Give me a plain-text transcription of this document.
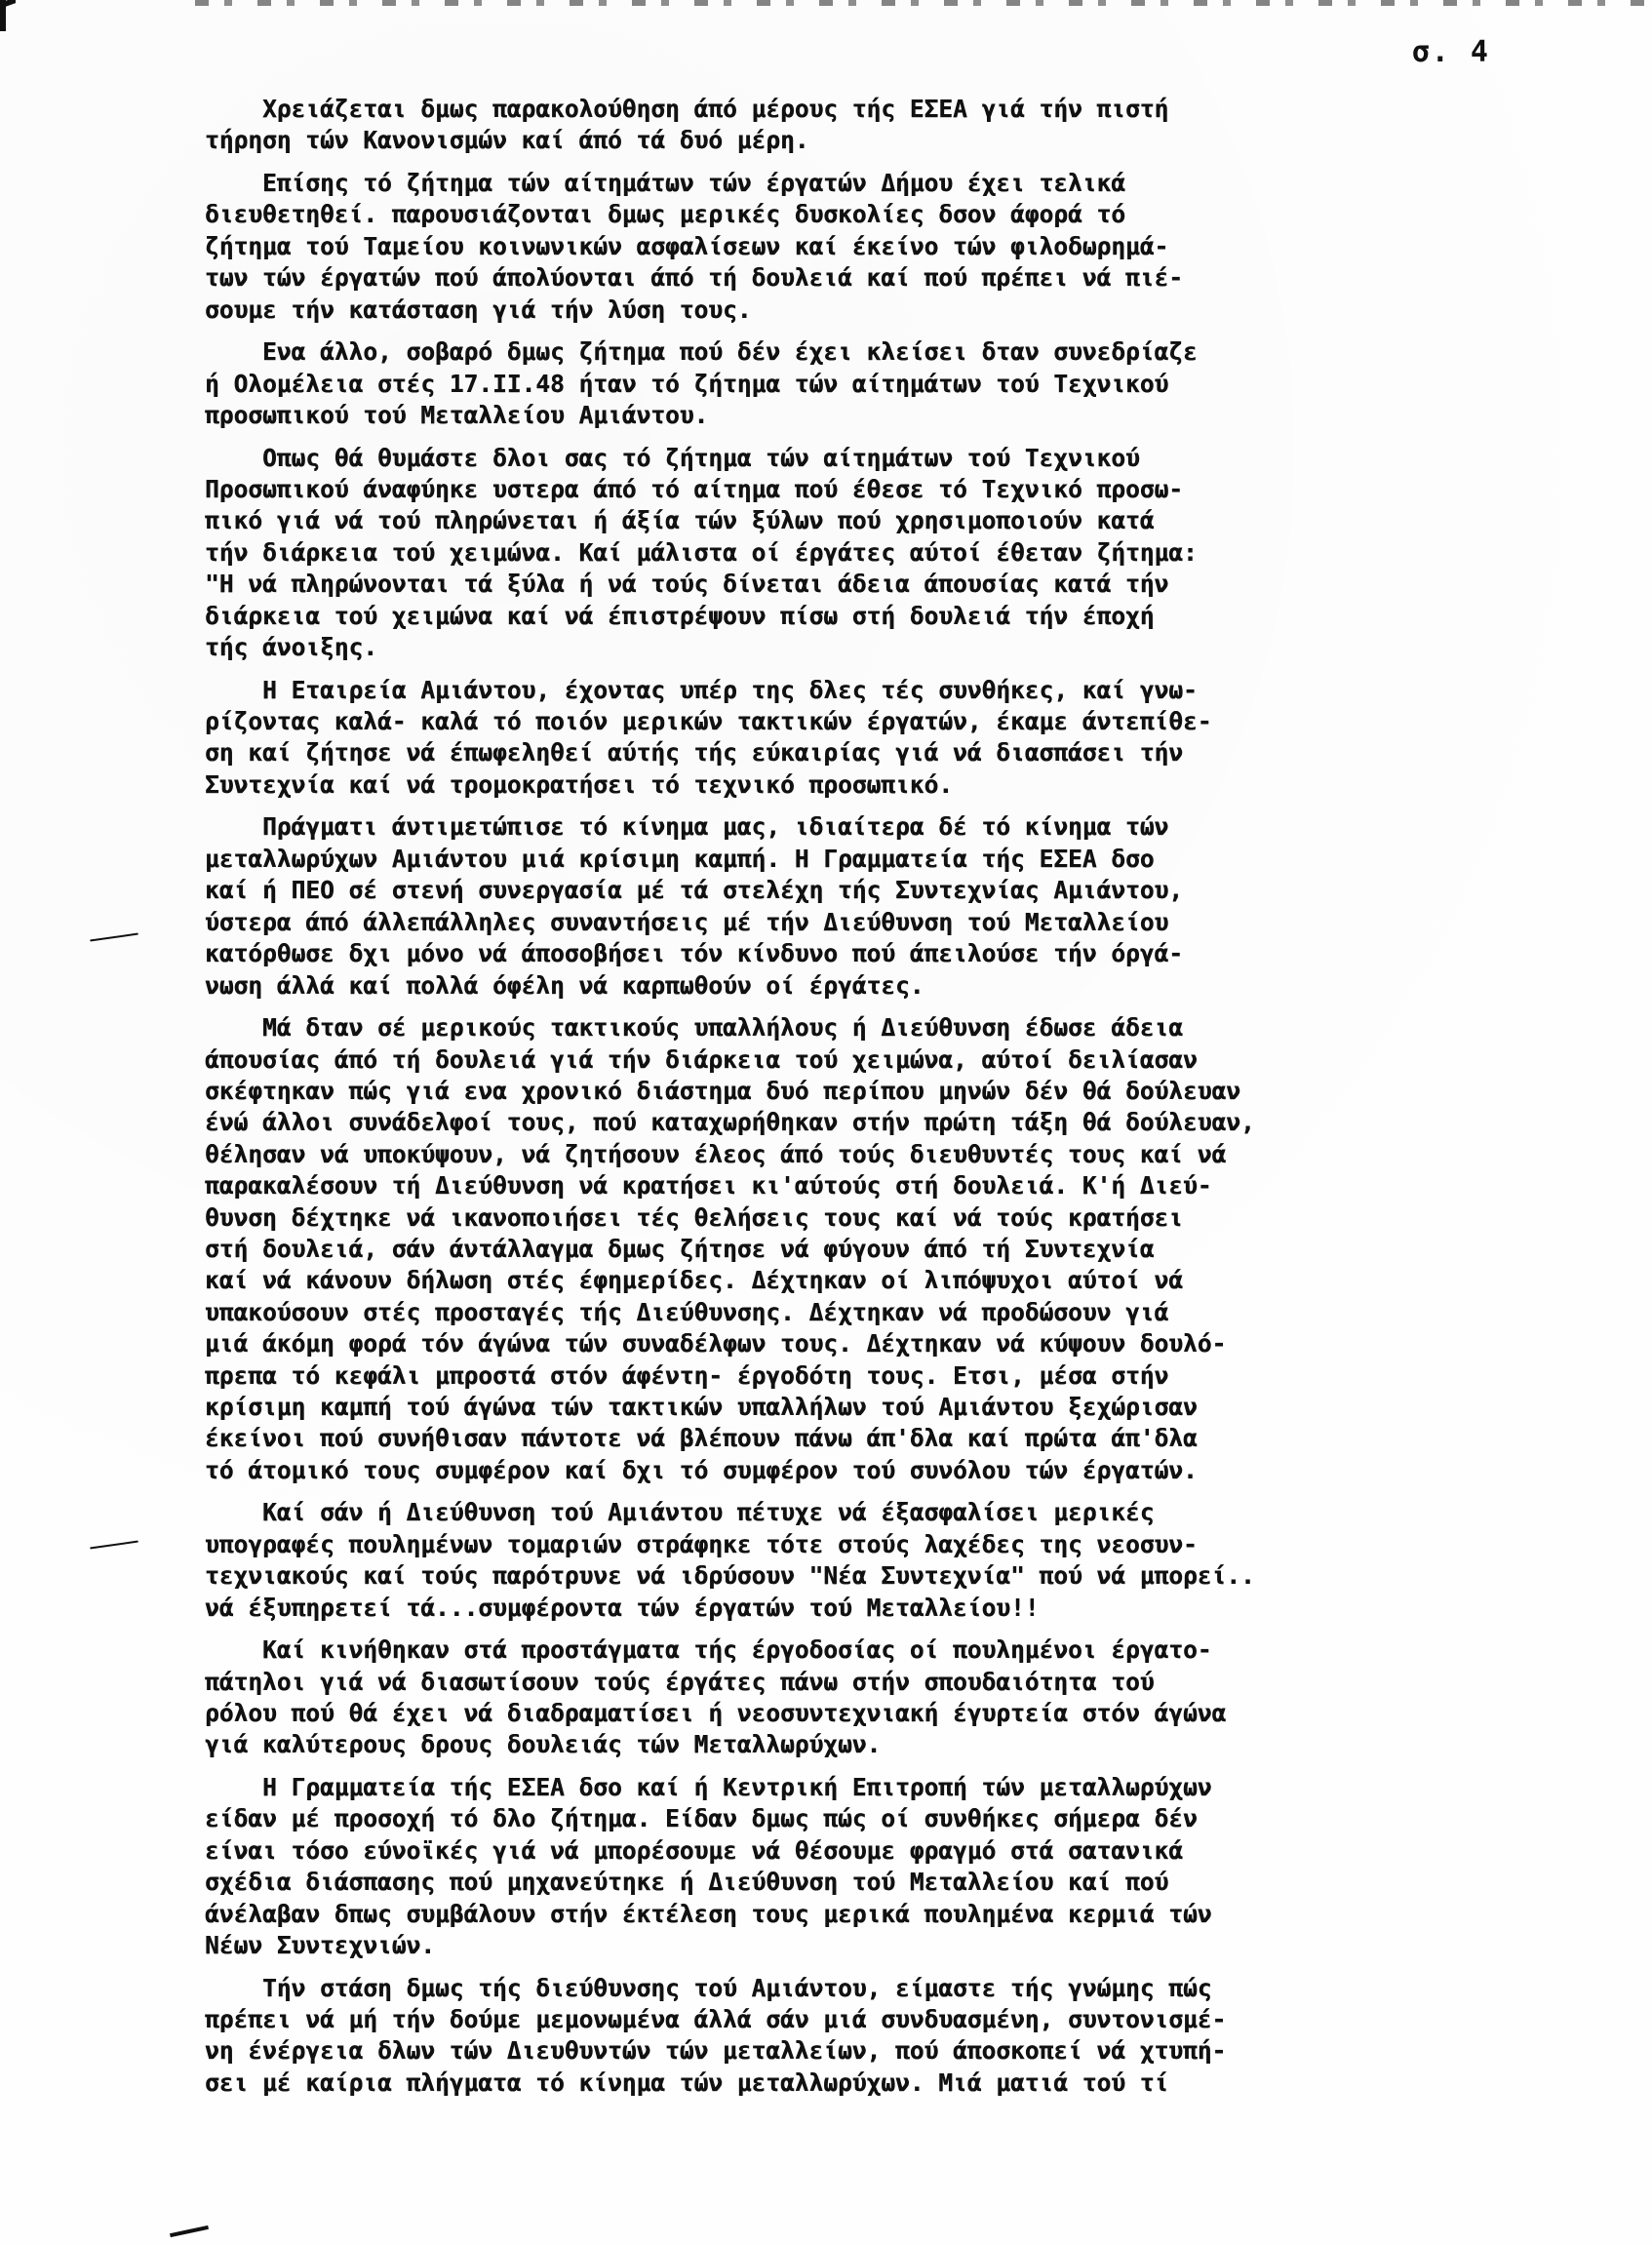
σ. 4
Χρειάζεται δμως παρακολούθηση άπό μέρους τής ΕΣΕΑ γιά τήν πιστή
τήρηση τών Κανονισμών καί άπό τά δυό μέρη.
Επίσης τό ζήτημα τών αίτημάτων τών έργατών Δήμου έχει τελικά
διευθετηθεί. παρουσιάζονται δμως μερικές δυσκολίες δσον άφορά τό
ζήτημα τού Ταμείου κοινωνικών ασφαλίσεων καί έκείνο τών φιλοδωρημά-
των τών έργατών πού άπολύονται άπό τή δουλειά καί πού πρέπει νά πιέ-
σουμε τήν κατάσταση γιά τήν λύση τους.
Ενα άλλο, σοβαρό δμως ζήτημα πού δέν έχει κλείσει δταν συνεδρίαζε
ή Ολομέλεια στές 17.ΙΙ.48 ήταν τό ζήτημα τών αίτημάτων τού Τεχνικού
προσωπικού τού Μεταλλείου Αμιάντου.
Οπως θά θυμάστε δλοι σας τό ζήτημα τών αίτημάτων τού Τεχνικού
Προσωπικού άναφύηκε υστερα άπό τό αίτημα πού έθεσε τό Τεχνικό προσω-
πικό γιά νά τού πληρώνεται ή άξία τών ξύλων πού χρησιμοποιούν κατά
τήν διάρκεια τού χειμώνα. Καί μάλιστα οί έργάτες αύτοί έθεταν ζήτημα:
"Η νά πληρώνονται τά ξύλα ή νά τούς δίνεται άδεια άπουσίας κατά τήν
διάρκεια τού χειμώνα καί νά έπιστρέψουν πίσω στή δουλειά τήν έποχή
τής άνοιξης.
Η Εταιρεία Αμιάντου, έχοντας υπέρ της δλες τές συνθήκες, καί γνω-
ρίζοντας καλά- καλά τό ποιόν μερικών τακτικών έργατών, έκαμε άντεπίθε-
ση καί ζήτησε νά έπωφεληθεί αύτής τής εύκαιρίας γιά νά διασπάσει τήν
Συντεχνία καί νά τρομοκρατήσει τό τεχνικό προσωπικό.
Πράγματι άντιμετώπισε τό κίνημα μας, ιδιαίτερα δέ τό κίνημα τών
μεταλλωρύχων Αμιάντου μιά κρίσιμη καμπή. Η Γραμματεία τής ΕΣΕΑ δσο
καί ή ΠΕΟ σέ στενή συνεργασία μέ τά στελέχη τής Συντεχνίας Αμιάντου,
ύστερα άπό άλλεπάλληλες συναντήσεις μέ τήν Διεύθυνση τού Μεταλλείου
κατόρθωσε δχι μόνο νά άποσοβήσει τόν κίνδυνο πού άπειλούσε τήν όργά-
νωση άλλά καί πολλά όφέλη νά καρπωθούν οί έργάτες.
Μά δταν σέ μερικούς τακτικούς υπαλλήλους ή Διεύθυνση έδωσε άδεια
άπουσίας άπό τή δουλειά γιά τήν διάρκεια τού χειμώνα, αύτοί δειλίασαν
σκέφτηκαν πώς γιά ενα χρονικό διάστημα δυό περίπου μηνών δέν θά δούλευαν
ένώ άλλοι συνάδελφοί τους, πού καταχωρήθηκαν στήν πρώτη τάξη θά δούλευαν,
θέλησαν νά υποκύψουν, νά ζητήσουν έλεος άπό τούς διευθυντές τους καί νά
παρακαλέσουν τή Διεύθυνση νά κρατήσει κι'αύτούς στή δουλειά. Κ'ή Διεύ-
θυνση δέχτηκε νά ικανοποιήσει τές θελήσεις τους καί νά τούς κρατήσει
στή δουλειά, σάν άντάλλαγμα δμως ζήτησε νά φύγουν άπό τή Συντεχνία
καί νά κάνουν δήλωση στές έφημερίδες. Δέχτηκαν οί λιπόψυχοι αύτοί νά
υπακούσουν στές προσταγές τής Διεύθυνσης. Δέχτηκαν νά προδώσουν γιά
μιά άκόμη φορά τόν άγώνα τών συναδέλφων τους. Δέχτηκαν νά κύψουν δουλό-
πρεπα τό κεφάλι μπροστά στόν άφέντη- έργοδότη τους. Ετσι, μέσα στήν
κρίσιμη καμπή τού άγώνα τών τακτικών υπαλλήλων τού Αμιάντου ξεχώρισαν
έκείνοι πού συνήθισαν πάντοτε νά βλέπουν πάνω άπ'δλα καί πρώτα άπ'δλα
τό άτομικό τους συμφέρον καί δχι τό συμφέρον τού συνόλου τών έργατών.
Καί σάν ή Διεύθυνση τού Αμιάντου πέτυχε νά έξασφαλίσει μερικές
υπογραφές πουλημένων τομαριών στράφηκε τότε στούς λαχέδες της νεοσυν-
τεχνιακούς καί τούς παρότρυνε νά ιδρύσουν "Νέα Συντεχνία" πού νά μπορεί..
νά έξυπηρετεί τά...συμφέροντα τών έργατών τού Μεταλλείου!!
Καί κινήθηκαν στά προστάγματα τής έργοδοσίας οί πουλημένοι έργατο-
πάτηλοι γιά νά διασωτίσουν τούς έργάτες πάνω στήν σπουδαιότητα τού
ρόλου πού θά έχει νά διαδραματίσει ή νεοσυντεχνιακή έγυρτεία στόν άγώνα
γιά καλύτερους δρους δουλειάς τών Μεταλλωρύχων.
Η Γραμματεία τής ΕΣΕΑ δσο καί ή Κεντρική Επιτροπή τών μεταλλωρύχων
είδαν μέ προσοχή τό δλο ζήτημα. Είδαν δμως πώς οί συνθήκες σήμερα δέν
είναι τόσο εύνοϊκές γιά νά μπορέσουμε νά θέσουμε φραγμό στά σατανικά
σχέδια διάσπασης πού μηχανεύτηκε ή Διεύθυνση τού Μεταλλείου καί πού
άνέλαβαν δπως συμβάλουν στήν έκτέλεση τους μερικά πουλημένα κερμιά τών
Νέων Συντεχνιών.
Τήν στάση δμως τής διεύθυνσης τού Αμιάντου, είμαστε τής γνώμης πώς
πρέπει νά μή τήν δούμε μεμονωμένα άλλά σάν μιά συνδυασμένη, συντονισμέ-
νη ένέργεια δλων τών Διευθυντών τών μεταλλείων, πού άποσκοπεί νά χτυπή-
σει μέ καίρια πλήγματα τό κίνημα τών μεταλλωρύχων. Μιά ματιά τού τί
